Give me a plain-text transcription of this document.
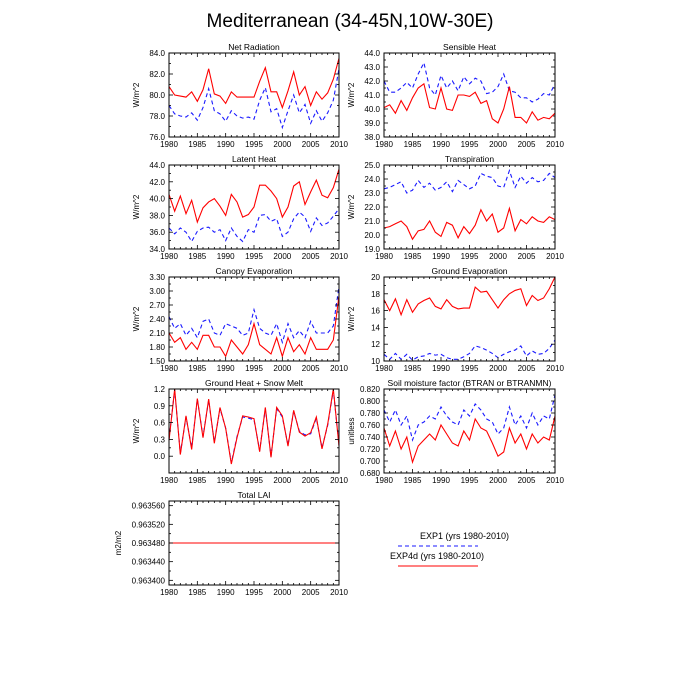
Mediterranean (34-45N,10W-30E)
Net Radiation
1980 1985 1990 1995 2000 2005 2010
76.0
78.0
80.0
82.0
84.0
W/m^2
Sensible Heat
1980 1985 1990 1995 2000 2005 2010
38.0
39.0
40.0
41.0
42.0
43.0
44.0
W/m^2
Latent Heat
1980 1985 1990 1995 2000 2005 2010
34.0
36.0
38.0
40.0
42.0
44.0
W/m^2
Transpiration
1980 1985 1990 1995 2000 2005 2010
19.0
20.0
21.0
22.0
23.0
24.0
25.0
W/m^2
Canopy Evaporation
1980 1985 1990 1995 2000 2005 2010
1.50
1.80
2.10
2.40
2.70
3.00
3.30
W/m^2
Ground Evaporation
1980 1985 1990 1995 2000 2005 2010
10
12
14
16
18
20
W/m^2
Ground Heat + Snow Melt
1980 1985 1990 1995 2000 2005 2010
0.0
0.3
0.6
0.9
1.2
W/m^2
Soil moisture factor (BTRAN or BTRANMN)
1980 1985 1990 1995 2000 2005 2010
0.680
0.700
0.720
0.740
0.760
0.780
0.800
0.820
unitless
Total LAI
1980 1985 1990 1995 2000 2005 2010
0.963400
0.963440
0.963480
0.963520
0.963560
m2/m2	EXP1 (yrs 1980-2010)
EXP4d (yrs 1980-2010)
